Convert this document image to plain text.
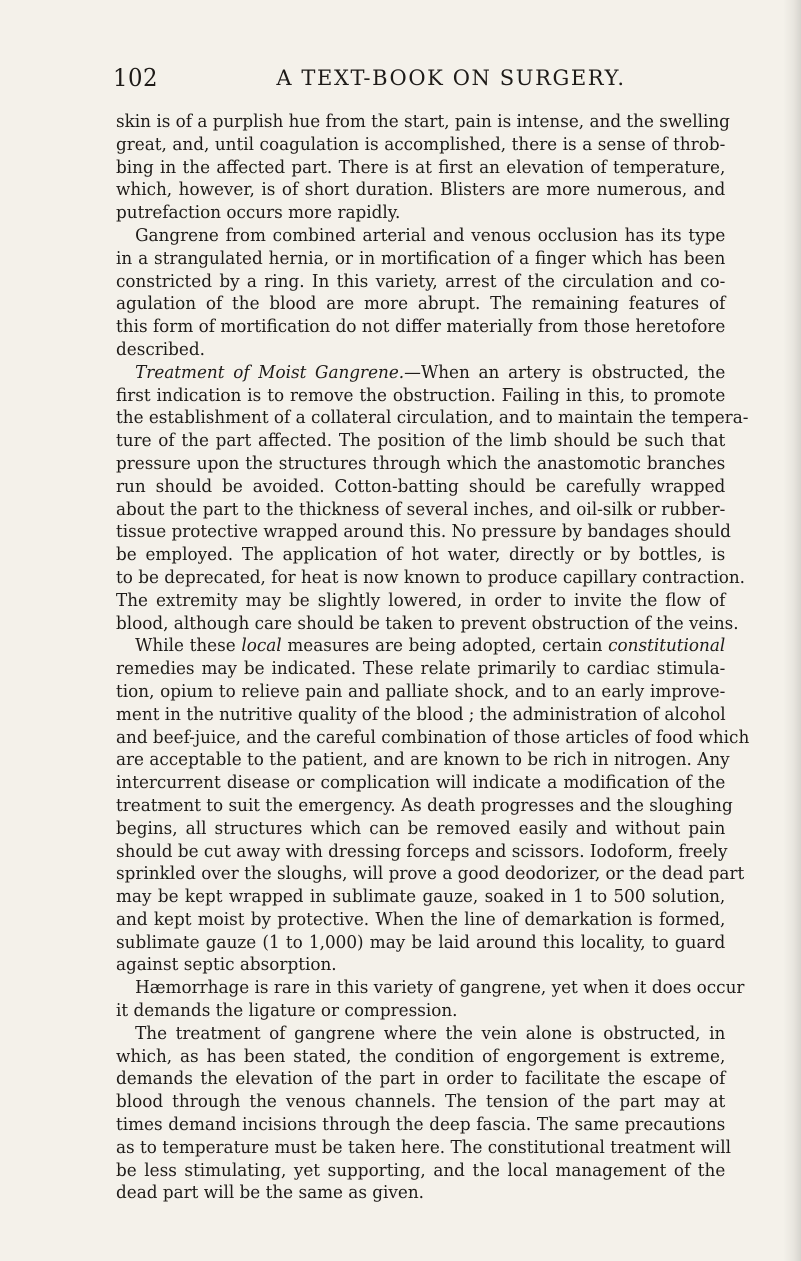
102	A TEXT-BOOK ON SURGERY.
skin is of a purplish hue from the start, pain is intense, and the swelling
great, and, until coagulation is accomplished, there is a sense of throb-
bing in the affected part. There is at first an elevation of temperature,
which, however, is of short duration. Blisters are more numerous, and
putrefaction occurs more rapidly.
Gangrene from combined arterial and venous occlusion has its type
in a strangulated hernia, or in mortification of a finger which has been
constricted by a ring. In this variety, arrest of the circulation and co-
agulation of the blood are more abrupt. The remaining features of
this form of mortification do not differ materially from those heretofore
described.
Treatment of Moist Gangrene.—When an artery is obstructed, the
first indication is to remove the obstruction. Failing in this, to promote
the establishment of a collateral circulation, and to maintain the tempera-
ture of the part affected. The position of the limb should be such that
pressure upon the structures through which the anastomotic branches
run should be avoided. Cotton-batting should be carefully wrapped
about the part to the thickness of several inches, and oil-silk or rubber-
tissue protective wrapped around this. No pressure by bandages should
be employed. The application of hot water, directly or by bottles, is
to be deprecated, for heat is now known to produce capillary contraction.
The extremity may be slightly lowered, in order to invite the flow of
blood, although care should be taken to prevent obstruction of the veins.
While these local measures are being adopted, certain constitutional
remedies may be indicated. These relate primarily to cardiac stimula-
tion, opium to relieve pain and palliate shock, and to an early improve-
ment in the nutritive quality of the blood ; the administration of alcohol
and beef-juice, and the careful combination of those articles of food which
are acceptable to the patient, and are known to be rich in nitrogen. Any
intercurrent disease or complication will indicate a modification of the
treatment to suit the emergency. As death progresses and the sloughing
begins, all structures which can be removed easily and without pain
should be cut away with dressing forceps and scissors. Iodoform, freely
sprinkled over the sloughs, will prove a good deodorizer, or the dead part
may be kept wrapped in sublimate gauze, soaked in 1 to 500 solution,
and kept moist by protective. When the line of demarkation is formed,
sublimate gauze (1 to 1,000) may be laid around this locality, to guard
against septic absorption.
Hæmorrhage is rare in this variety of gangrene, yet when it does occur
it demands the ligature or compression.
The treatment of gangrene where the vein alone is obstructed, in
which, as has been stated, the condition of engorgement is extreme,
demands the elevation of the part in order to facilitate the escape of
blood through the venous channels. The tension of the part may at
times demand incisions through the deep fascia. The same precautions
as to temperature must be taken here. The constitutional treatment will
be less stimulating, yet supporting, and the local management of the
dead part will be the same as given.
